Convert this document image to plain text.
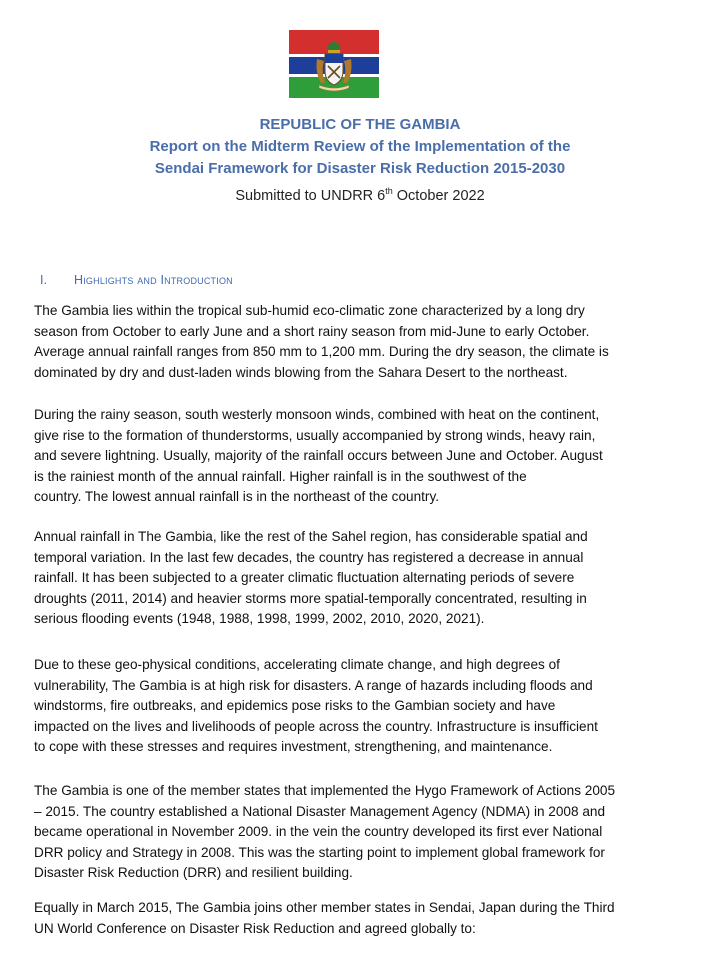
REPUBLIC OF THE GAMBIA

Report on the Midterm Review of the Implementation of the

Sendai Framework for Disaster Risk Reduction 2015-2030

Submitted to UNDRR 6th October 2022

I. Highlights and Introduction

The Gambia lies within the tropical sub-humid eco-climatic zone characterized by a long dry
season from October to early June and a short rainy season from mid-June to early October.
Average annual rainfall ranges from 850 mm to 1,200 mm. During the dry season, the climate is
dominated by dry and dust-laden winds blowing from the Sahara Desert to the northeast.

During the rainy season, south westerly monsoon winds, combined with heat on the continent,
give rise to the formation of thunderstorms, usually accompanied by strong winds, heavy rain,
and severe lightning. Usually, majority of the rainfall occurs between June and October. August
is the rainiest month of the annual rainfall. Higher rainfall is in the southwest of the
country. The lowest annual rainfall is in the northeast of the country.

Annual rainfall in The Gambia, like the rest of the Sahel region, has considerable spatial and
temporal variation. In the last few decades, the country has registered a decrease in annual
rainfall. It has been subjected to a greater climatic fluctuation alternating periods of severe
droughts (2011, 2014) and heavier storms more spatial-temporally concentrated, resulting in
serious flooding events (1948, 1988, 1998, 1999, 2002, 2010, 2020, 2021).

Due to these geo-physical conditions, accelerating climate change, and high degrees of
vulnerability, The Gambia is at high risk for disasters. A range of hazards including floods and
windstorms, fire outbreaks, and epidemics pose risks to the Gambian society and have
impacted on the lives and livelihoods of people across the country. Infrastructure is insufficient
to cope with these stresses and requires investment, strengthening, and maintenance.

The Gambia is one of the member states that implemented the Hygo Framework of Actions 2005
– 2015. The country established a National Disaster Management Agency (NDMA) in 2008 and
became operational in November 2009. in the vein the country developed its first ever National
DRR policy and Strategy in 2008. This was the starting point to implement global framework for
Disaster Risk Reduction (DRR) and resilient building.

Equally in March 2015, The Gambia joins other member states in Sendai, Japan during the Third
UN World Conference on Disaster Risk Reduction and agreed globally to:
